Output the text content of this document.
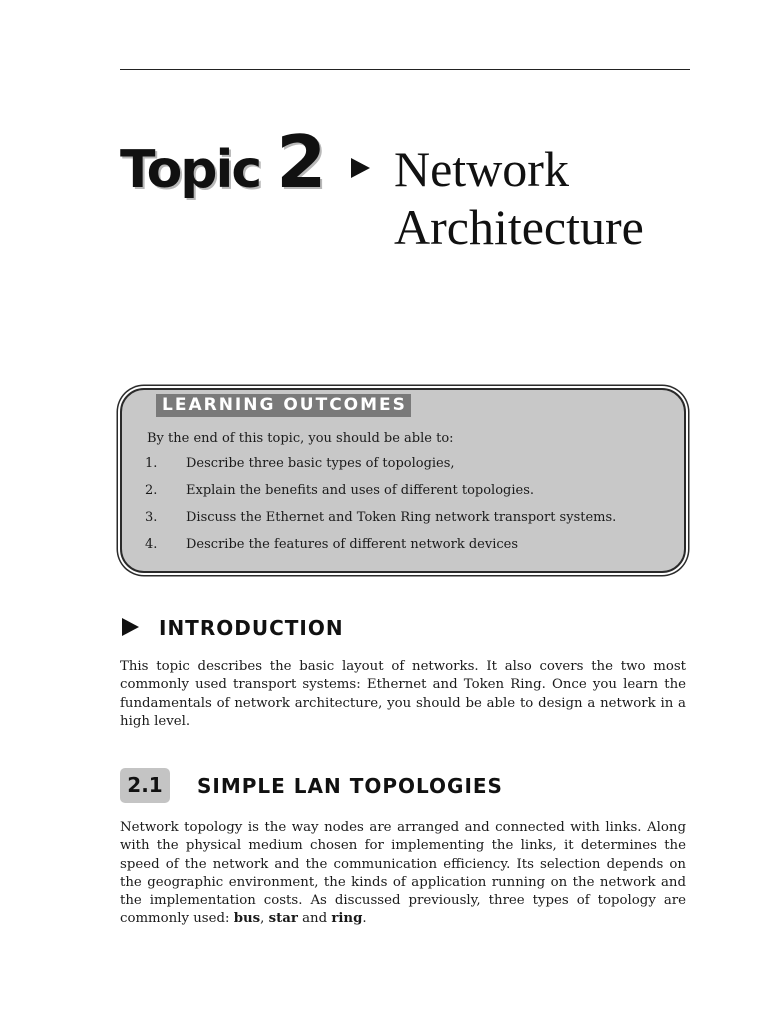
Topic 2 Network
Architecture
LEARNING OUTCOMES
By the end of this topic, you should be able to:
1. Describe three basic types of topologies,
2. Explain the benefits and uses of different topologies.
3. Discuss the Ethernet and Token Ring network transport systems.
4. Describe the features of different network devices
INTRODUCTION
This topic describes the basic layout of networks. It also covers the two most commonly used transport systems: Ethernet and Token Ring. Once you learn the fundamentals of network architecture, you should be able to design a network in a high level.
2.1	SIMPLE LAN TOPOLOGIES
Network topology is the way nodes are arranged and connected with links. Along with the physical medium chosen for implementing the links, it determines the speed of the network and the communication efficiency. Its selection depends on the geographic environment, the kinds of application running on the network and the implementation costs. As discussed previously, three types of topology are commonly used: bus, star and ring.
